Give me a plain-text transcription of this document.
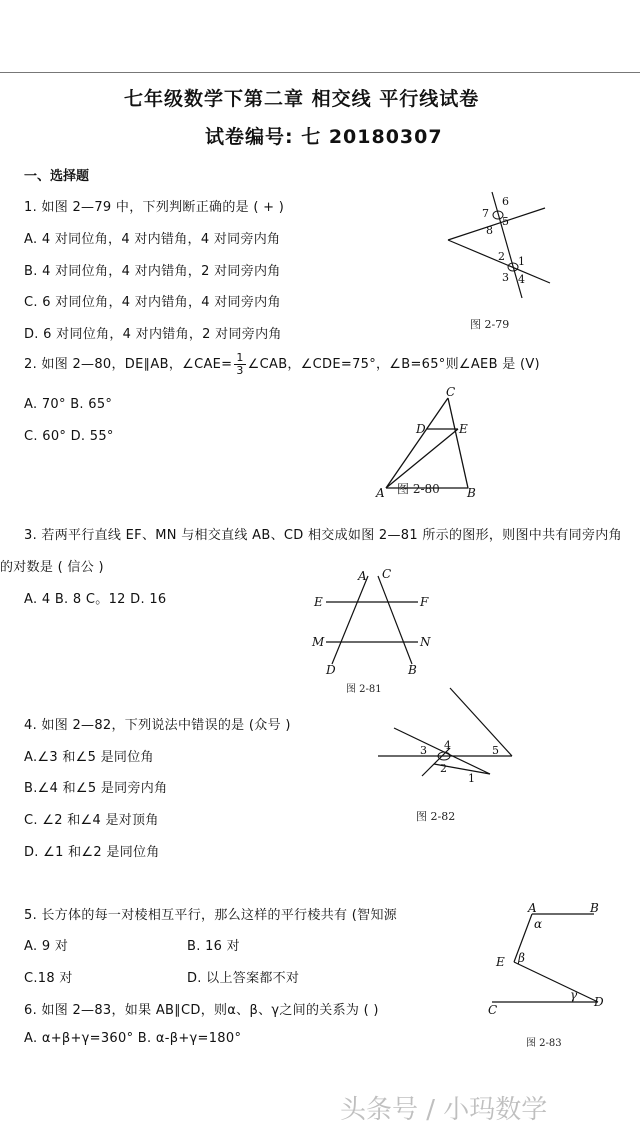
七年级数学下第二章 相交线 平行线试卷
试卷编号: 七 20180307
一、选择题
1. 如图 2—79 中，下列判断正确的是 ( + )
A. 4 对同位角，4 对内错角，4 对同旁内角
B. 4 对同位角，4 对内错角，2 对同旁内角
C. 6 对同位角，4 对内错角，4 对同旁内角
D. 6 对同位角，4 对内错角，2 对同旁内角
6
7
5
8
2 1
3 4
图 2-79
2. 如图 2—80，DE∥AB，∠CAE= $\frac{1}{3}$ ∠CAB，∠CDE=75°，∠B=65°则∠AEB 是 (V)
A. 70° B. 65°
C. 60° D. 55°
C
D	E
A	B
图 2-80
3. 若两平行直线 EF、MN 与相交直线 AB、CD 相交成如图 2—81 所示的图形，则图中共有同旁内角
的对数是 ( 信公 )
A. 4 B. 8 C。12 D. 16
A C
E	F
M	N
D	B
图 2-81
4. 如图 2—82，下列说法中错误的是 (众号 )
A.∠3 和∠5 是同位角
B.∠4 和∠5 是同旁内角
C. ∠2 和∠4 是对顶角
D. ∠1 和∠2 是同位角
3 4	5
2
1
图 2-82
5. 长方体的每一对棱相互平行，那么这样的平行棱共有 (智知源
A. 9 对	B. 16 对
C.18 对	D. 以上答案都不对
6. 如图 2—83，如果 AB∥CD，则α、β、γ之间的关系为 ( )
A. α+β+γ=360° B. α-β+γ=180°
A	B
α
E β
γ
C
D
图 2-83
头条号 / 小玛数学
